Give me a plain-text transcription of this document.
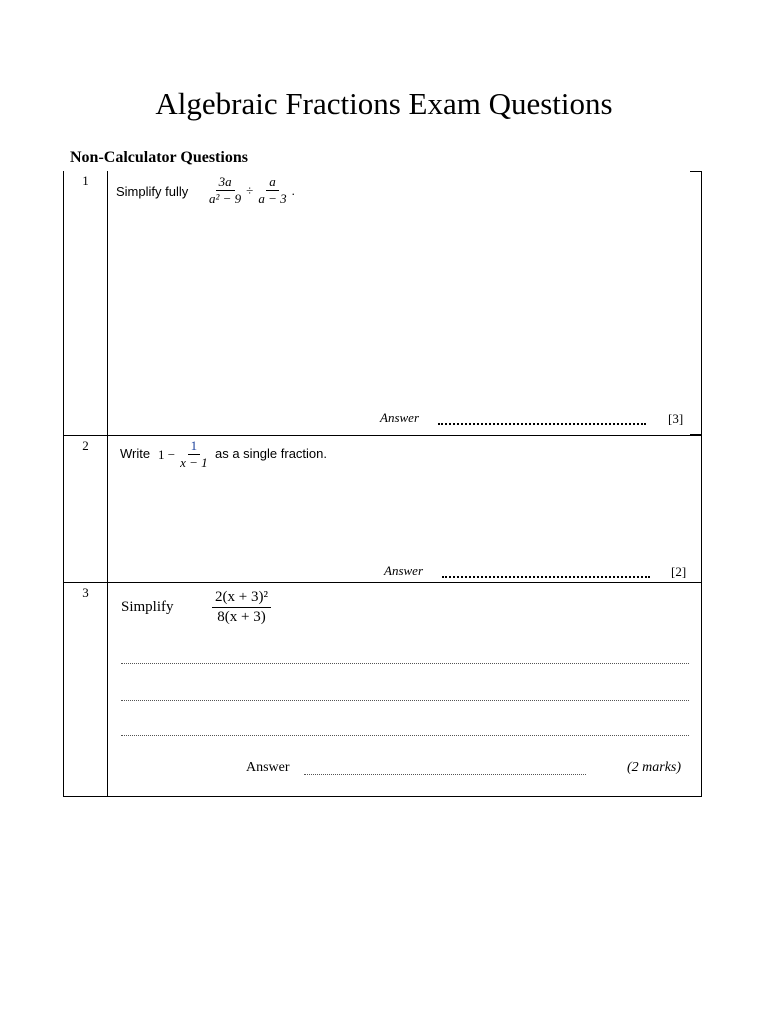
Algebraic Fractions Exam Questions
Non-Calculator Questions
1
Simplify fully $\frac{3a}{\text{a² − 9}} \div \frac{a}{a - 3}$ .
Answer	[3]
2
Write $1 - \frac{1}{x - 1}$ as a single fraction.
Answer	[2]
3
Simplify	$\frac{\text{2(x + 3)²}}{8(x + 3)}$
Answer	(2 marks)
